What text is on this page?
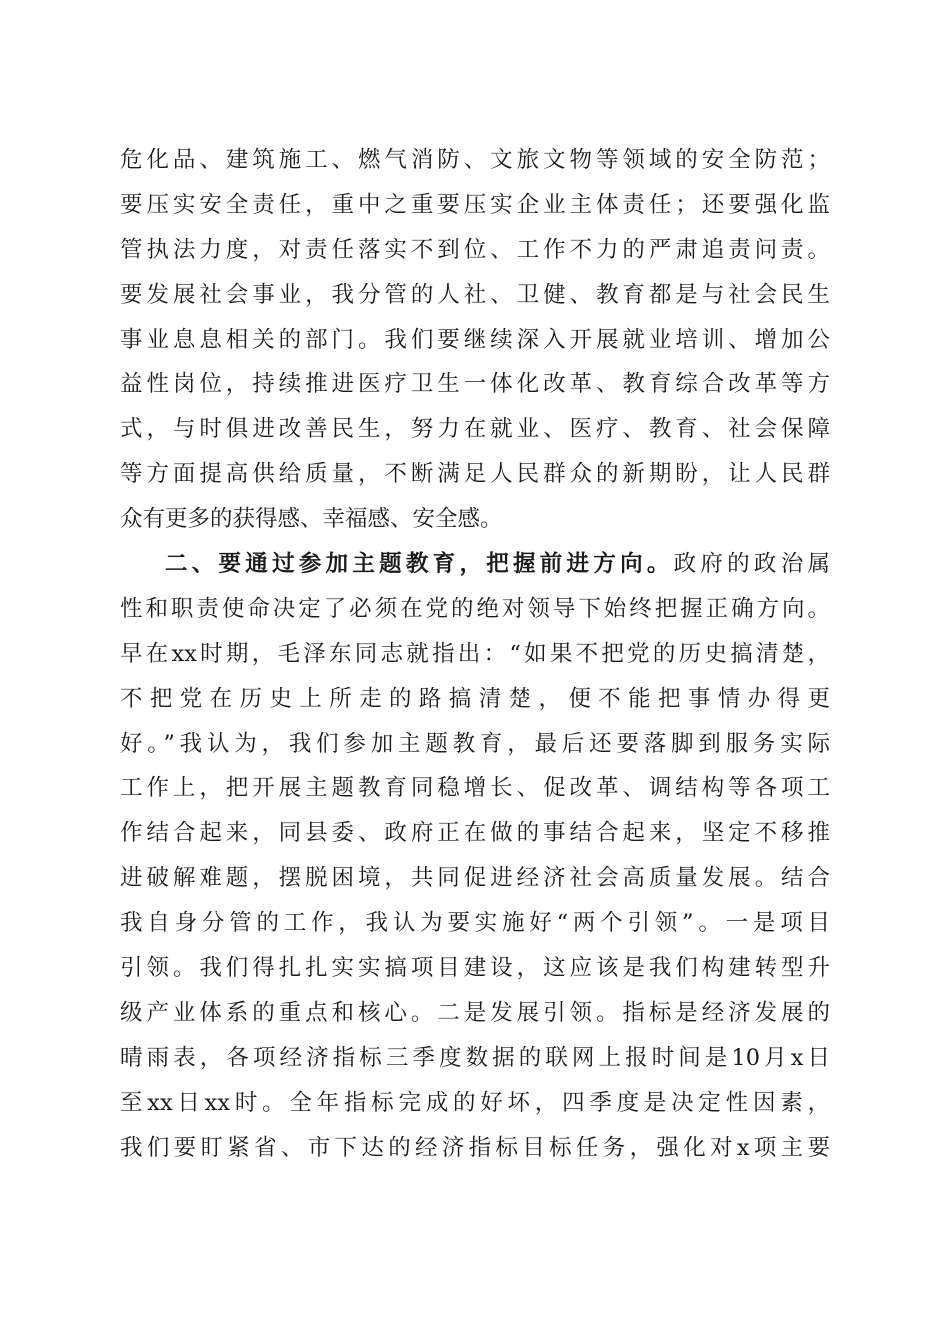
危化品、建筑施工、燃气消防、文旅文物等领域的安全防范；
要压实安全责任，重中之重要压实企业主体责任；还要强化监
管执法力度，对责任落实不到位、工作不力的严肃追责问责。
要发展社会事业，我分管的人社、卫健、教育都是与社会民生
事业息息相关的部门。我们要继续深入开展就业培训、增加公
益性岗位，持续推进医疗卫生一体化改革、教育综合改革等方
式，与时俱进改善民生，努力在就业、医疗、教育、社会保障
等方面提高供给质量，不断满足人民群众的新期盼，让人民群
众有更多的获得感、幸福感、安全感。
二、要通过参加主题教育，把握前进方向。政府的政治属
性和职责使命决定了必须在党的绝对领导下始终把握正确方向。
早在xx时期，毛泽东同志就指出：“如果不把党的历史搞清楚，
不把党在历史上所走的路搞清楚，便不能把事情办得更
好。”我认为，我们参加主题教育，最后还要落脚到服务实际
工作上，把开展主题教育同稳增长、促改革、调结构等各项工
作结合起来，同县委、政府正在做的事结合起来，坚定不移推
进破解难题，摆脱困境，共同促进经济社会高质量发展。结合
我自身分管的工作，我认为要实施好“两个引领”。一是项目
引领。我们得扎扎实实搞项目建设，这应该是我们构建转型升
级产业体系的重点和核心。二是发展引领。指标是经济发展的
晴雨表，各项经济指标三季度数据的联网上报时间是10月x日
至xx日xx时。全年指标完成的好坏，四季度是决定性因素，
我们要盯紧省、市下达的经济指标目标任务，强化对x项主要
